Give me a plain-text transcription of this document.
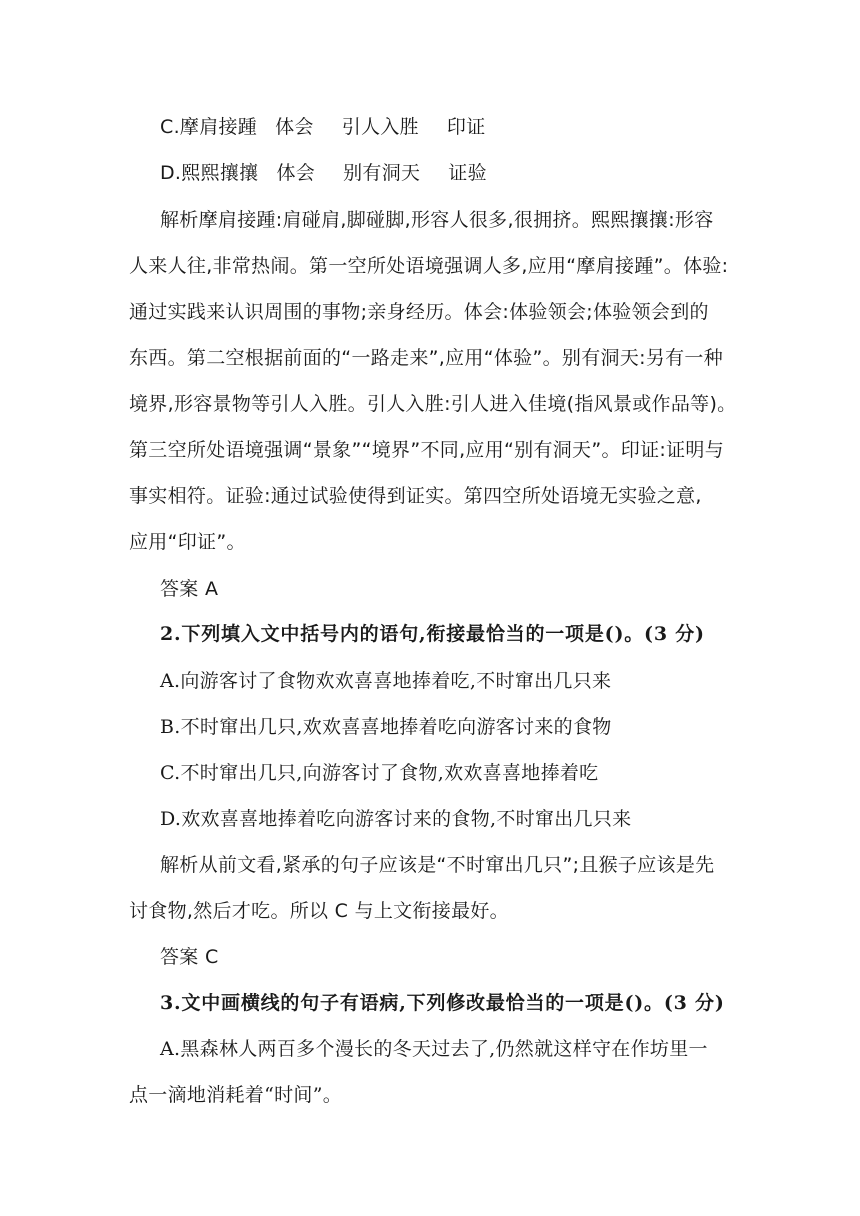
C.摩肩接踵 体会 引人入胜 印证
D.熙熙攘攘 体会 别有洞天 证验
解析摩肩接踵:肩碰肩,脚碰脚,形容人很多,很拥挤。熙熙攘攘:形容
人来人往,非常热闹。第一空所处语境强调人多,应用“摩肩接踵”。体验:
通过实践来认识周围的事物;亲身经历。体会:体验领会;体验领会到的
东西。第二空根据前面的“一路走来”,应用“体验”。别有洞天:另有一种
境界,形容景物等引人入胜。引人入胜:引人进入佳境(指风景或作品等)。
第三空所处语境强调“景象”“境界”不同,应用“别有洞天”。印证:证明与
事实相符。证验:通过试验使得到证实。第四空所处语境无实验之意,
应用“印证”。
答案 A
2.下列填入文中括号内的语句,衔接最恰当的一项是()。(3 分)
A.向游客讨了食物欢欢喜喜地捧着吃,不时窜出几只来
B.不时窜出几只,欢欢喜喜地捧着吃向游客讨来的食物
C.不时窜出几只,向游客讨了食物,欢欢喜喜地捧着吃
D.欢欢喜喜地捧着吃向游客讨来的食物,不时窜出几只来
解析从前文看,紧承的句子应该是“不时窜出几只”;且猴子应该是先
讨食物,然后才吃。所以 C 与上文衔接最好。
答案 C
3.文中画横线的句子有语病,下列修改最恰当的一项是()。(3 分)
A.黑森林人两百多个漫长的冬天过去了,仍然就这样守在作坊里一
点一滴地消耗着“时间”。
